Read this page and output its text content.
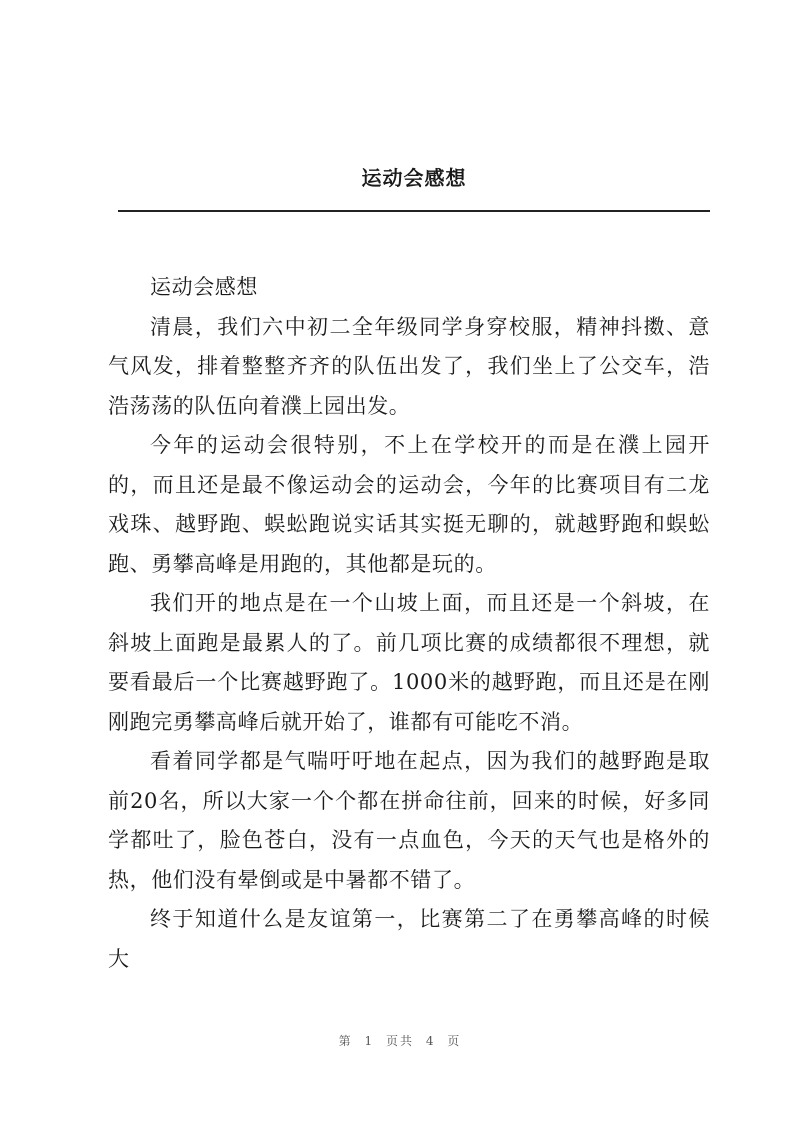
运动会感想

运动会感想

清晨，我们六中初二全年级同学身穿校服，精神抖擞、意气风发，排着整整齐齐的队伍出发了，我们坐上了公交车，浩浩荡荡的队伍向着濮上园出发。

今年的运动会很特别，不上在学校开的而是在濮上园开的，而且还是最不像运动会的运动会，今年的比赛项目有二龙戏珠、越野跑、蜈蚣跑说实话其实挺无聊的，就越野跑和蜈蚣跑、勇攀高峰是用跑的，其他都是玩的。

我们开的地点是在一个山坡上面，而且还是一个斜坡，在斜坡上面跑是最累人的了。前几项比赛的成绩都很不理想，就要看最后一个比赛越野跑了。1000米的越野跑，而且还是在刚刚跑完勇攀高峰后就开始了，谁都有可能吃不消。

看着同学都是气喘吁吁地在起点，因为我们的越野跑是取前20名，所以大家一个个都在拼命往前，回来的时候，好多同学都吐了，脸色苍白，没有一点血色，今天的天气也是格外的热，他们没有晕倒或是中暑都不错了。

终于知道什么是友谊第一，比赛第二了在勇攀高峰的时候大

第 1 页共 4 页
